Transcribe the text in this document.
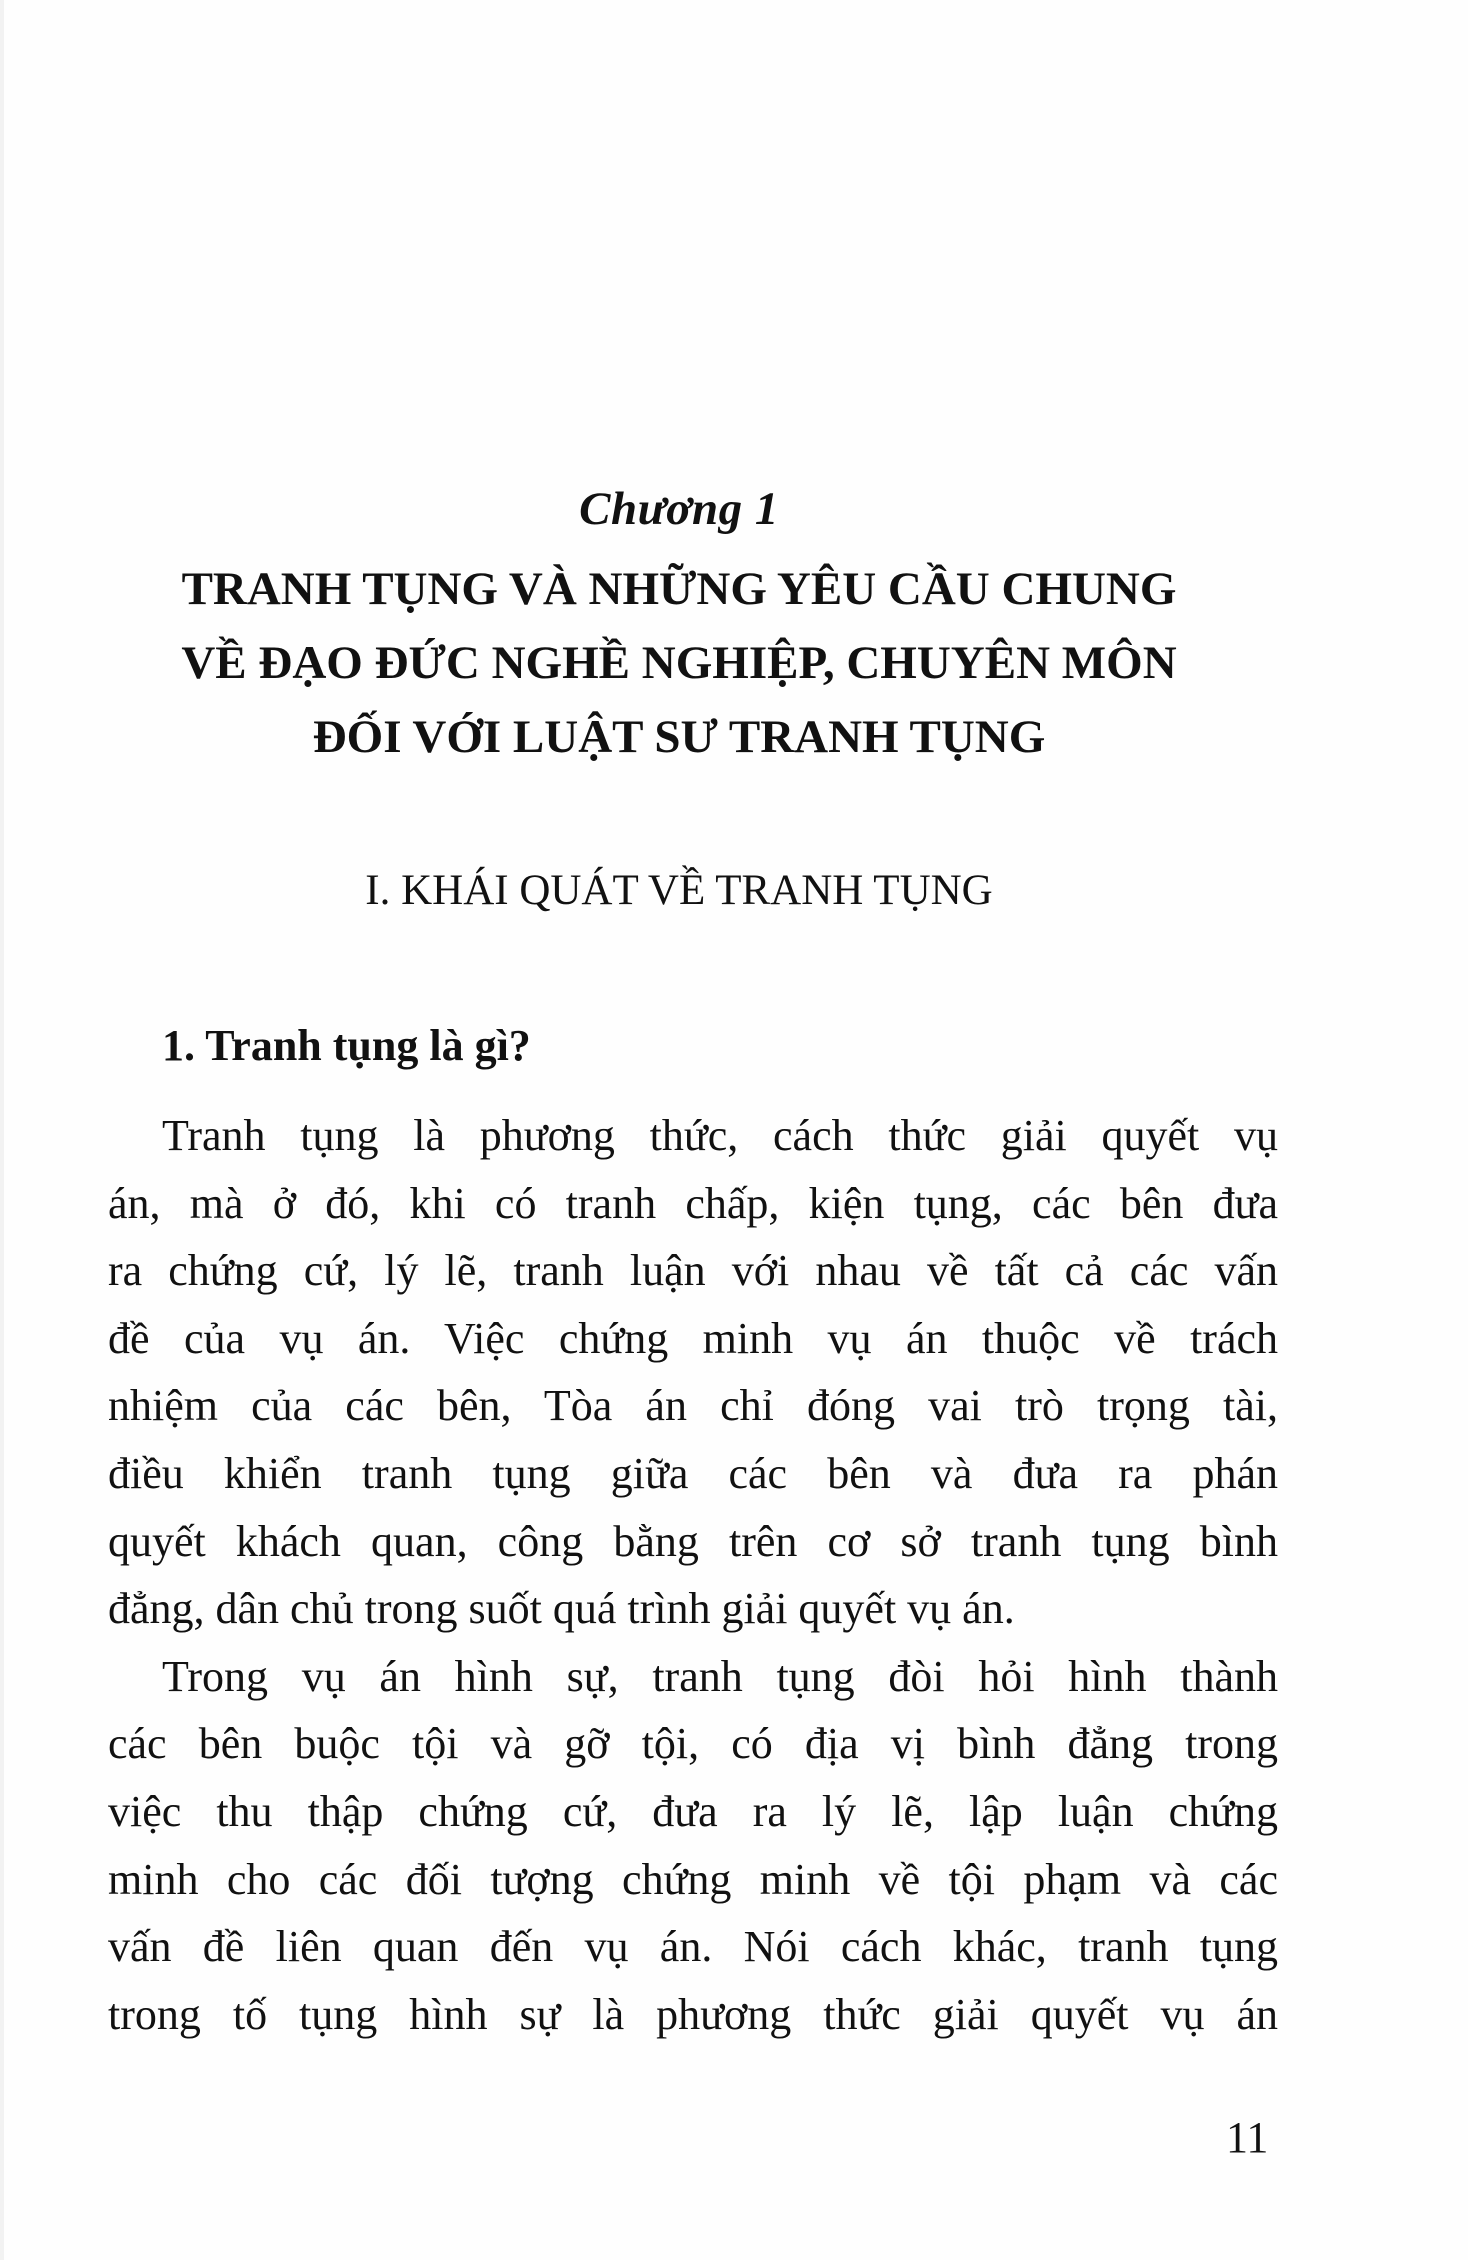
Chương 1
TRANH TỤNG VÀ NHỮNG YÊU CẦU CHUNG
VỀ ĐẠO ĐỨC NGHỀ NGHIỆP, CHUYÊN MÔN
ĐỐI VỚI LUẬT SƯ TRANH TỤNG
I. KHÁI QUÁT VỀ TRANH TỤNG
1. Tranh tụng là gì?
Tranh tụng là phương thức, cách thức giải quyết vụ
án, mà ở đó, khi có tranh chấp, kiện tụng, các bên đưa
ra chứng cứ, lý lẽ, tranh luận với nhau về tất cả các vấn
đề của vụ án. Việc chứng minh vụ án thuộc về trách
nhiệm của các bên, Tòa án chỉ đóng vai trò trọng tài,
điều khiển tranh tụng giữa các bên và đưa ra phán
quyết khách quan, công bằng trên cơ sở tranh tụng bình
đẳng, dân chủ trong suốt quá trình giải quyết vụ án.
Trong vụ án hình sự, tranh tụng đòi hỏi hình thành
các bên buộc tội và gỡ tội, có địa vị bình đẳng trong
việc thu thập chứng cứ, đưa ra lý lẽ, lập luận chứng
minh cho các đối tượng chứng minh về tội phạm và các
vấn đề liên quan đến vụ án. Nói cách khác, tranh tụng
trong tố tụng hình sự là phương thức giải quyết vụ án
11
